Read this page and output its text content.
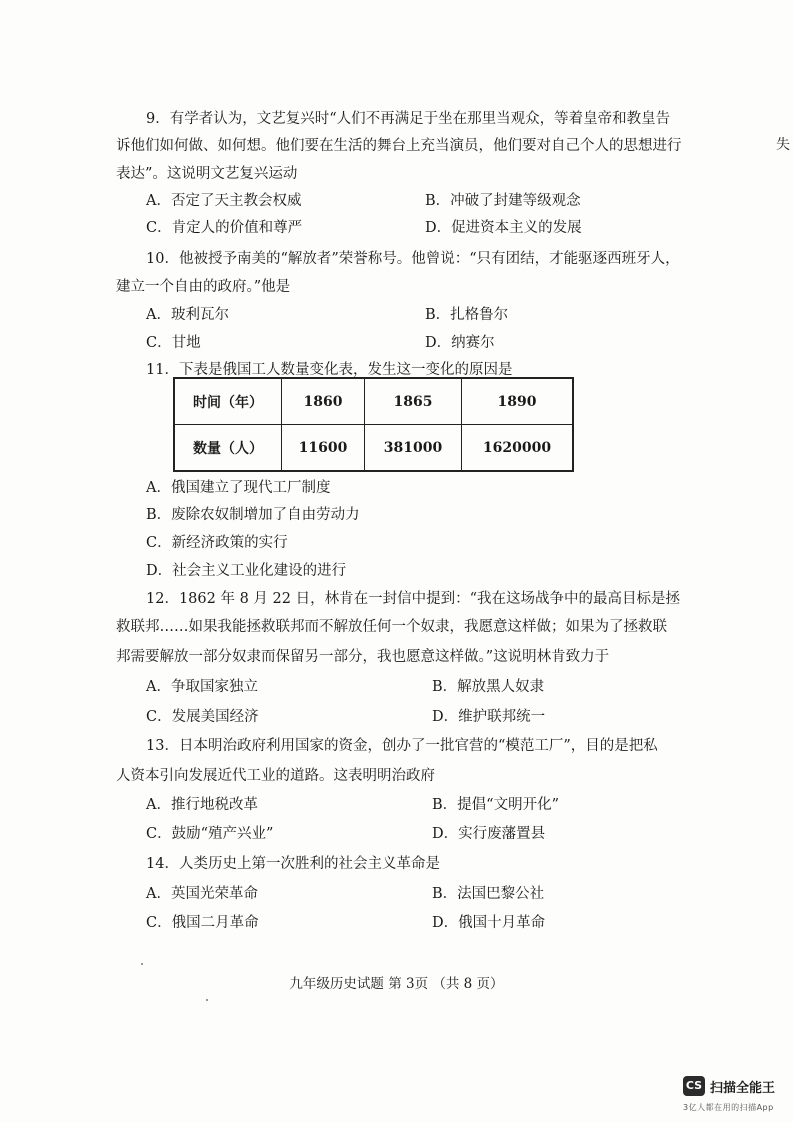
9．有学者认为，文艺复兴时“人们不再满足于坐在那里当观众，等着皇帝和教皇告
诉他们如何做、如何想。他们要在生活的舞台上充当演员，他们要对自己个人的思想进行	失
表达”。这说明文艺复兴运动
A．否定了天主教会权威	B．冲破了封建等级观念
C．肯定人的价值和尊严	D．促进资本主义的发展
10．他被授予南美的“解放者”荣誉称号。他曾说：“只有团结，才能驱逐西班牙人，
建立一个自由的政府。”他是
A．玻利瓦尔	B．扎格鲁尔
C．甘地	D．纳赛尔
11．下表是俄国工人数量变化表，发生这一变化的原因是
时间（年）	1860	1865	1890
数量（人）	11600	381000	1620000
A．俄国建立了现代工厂制度
B．废除农奴制增加了自由劳动力
C．新经济政策的实行
D．社会主义工业化建设的进行
12．1862 年 8 月 22 日，林肯在一封信中提到：“我在这场战争中的最高目标是拯
救联邦……如果我能拯救联邦而不解放任何一个奴隶，我愿意这样做；如果为了拯救联
邦需要解放一部分奴隶而保留另一部分，我也愿意这样做。”这说明林肯致力于
A．争取国家独立	B．解放黑人奴隶
C．发展美国经济	D．维护联邦统一
13．日本明治政府利用国家的资金，创办了一批官营的“模范工厂”，目的是把私
人资本引向发展近代工业的道路。这表明明治政府
A．推行地税改革	B．提倡“文明开化”
C．鼓励“殖产兴业”	D．实行废藩置县
14．人类历史上第一次胜利的社会主义革命是
A．英国光荣革命	B．法国巴黎公社
C．俄国二月革命	D．俄国十月革命
九年级历史试题 第 3页 （共 8 页）
CS 扫描全能王
3亿人都在用的扫描App
